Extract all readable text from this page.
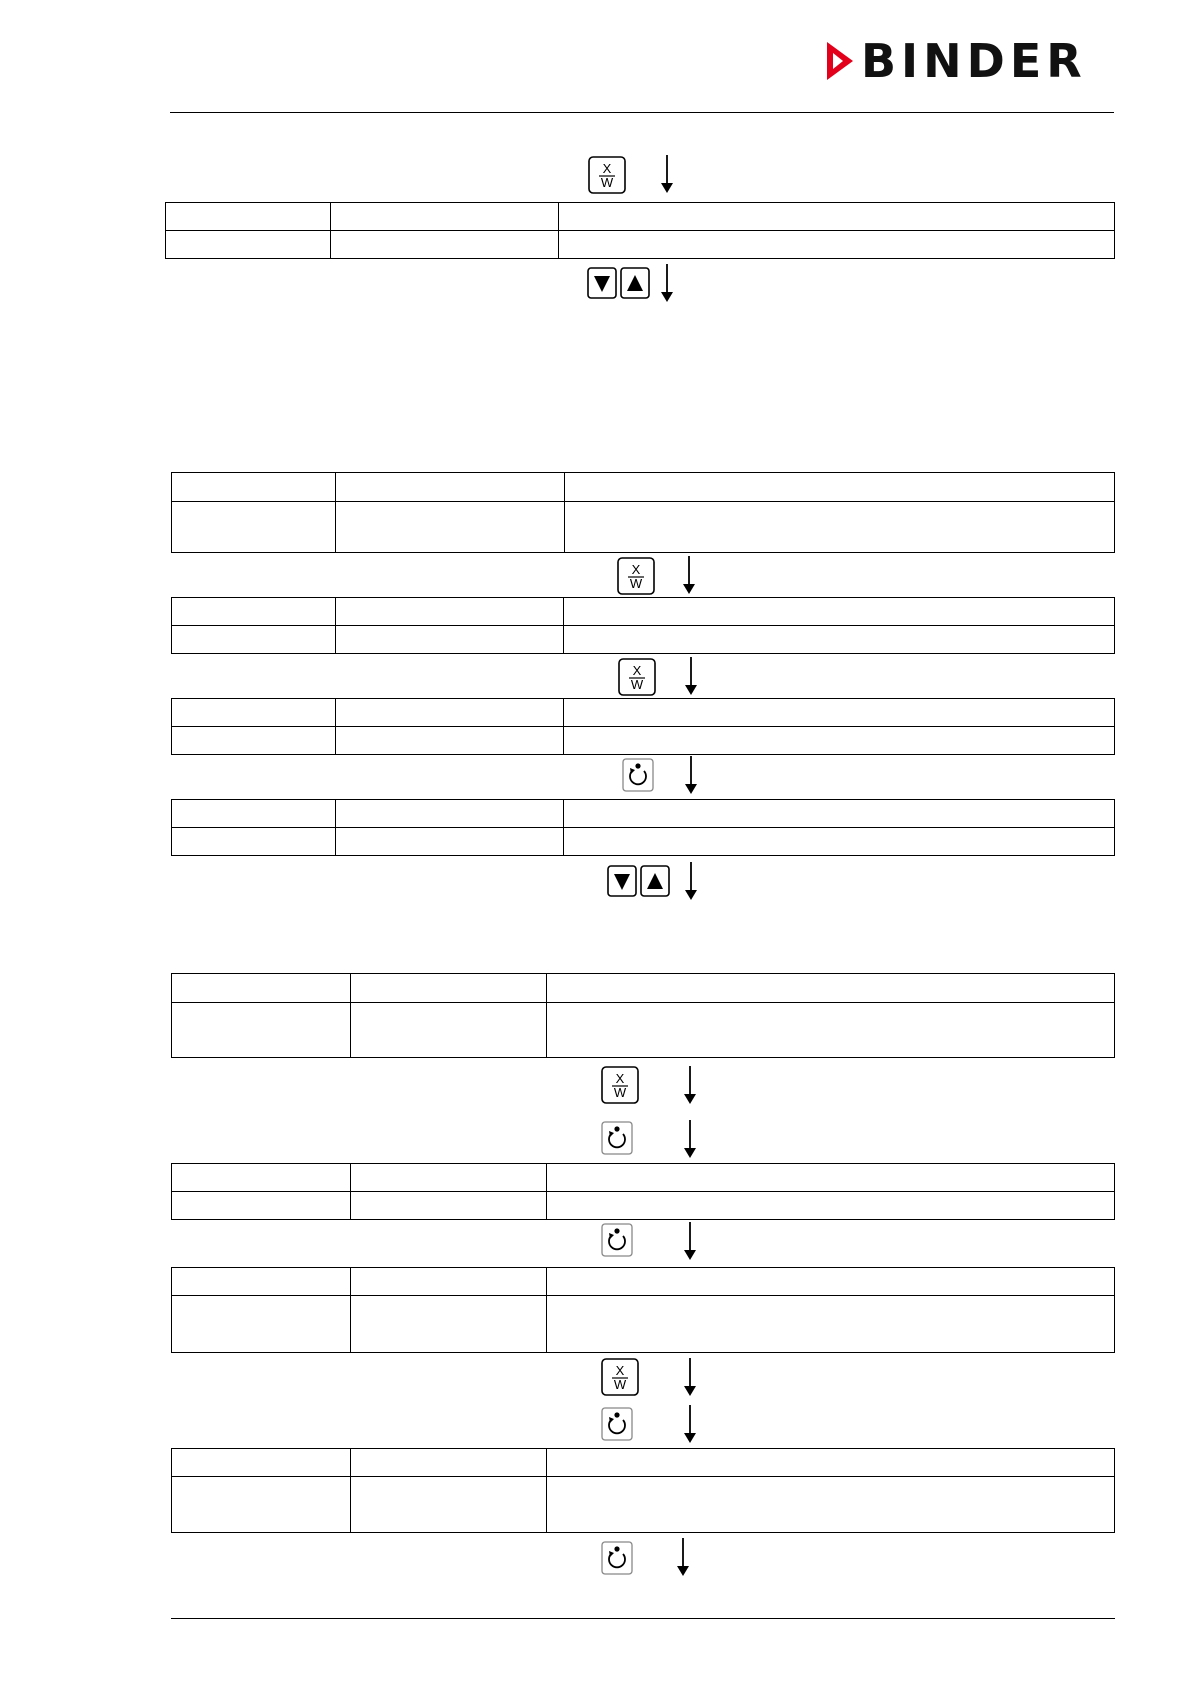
BINDER
X
W

X
W

X
W

X
W

X
W
